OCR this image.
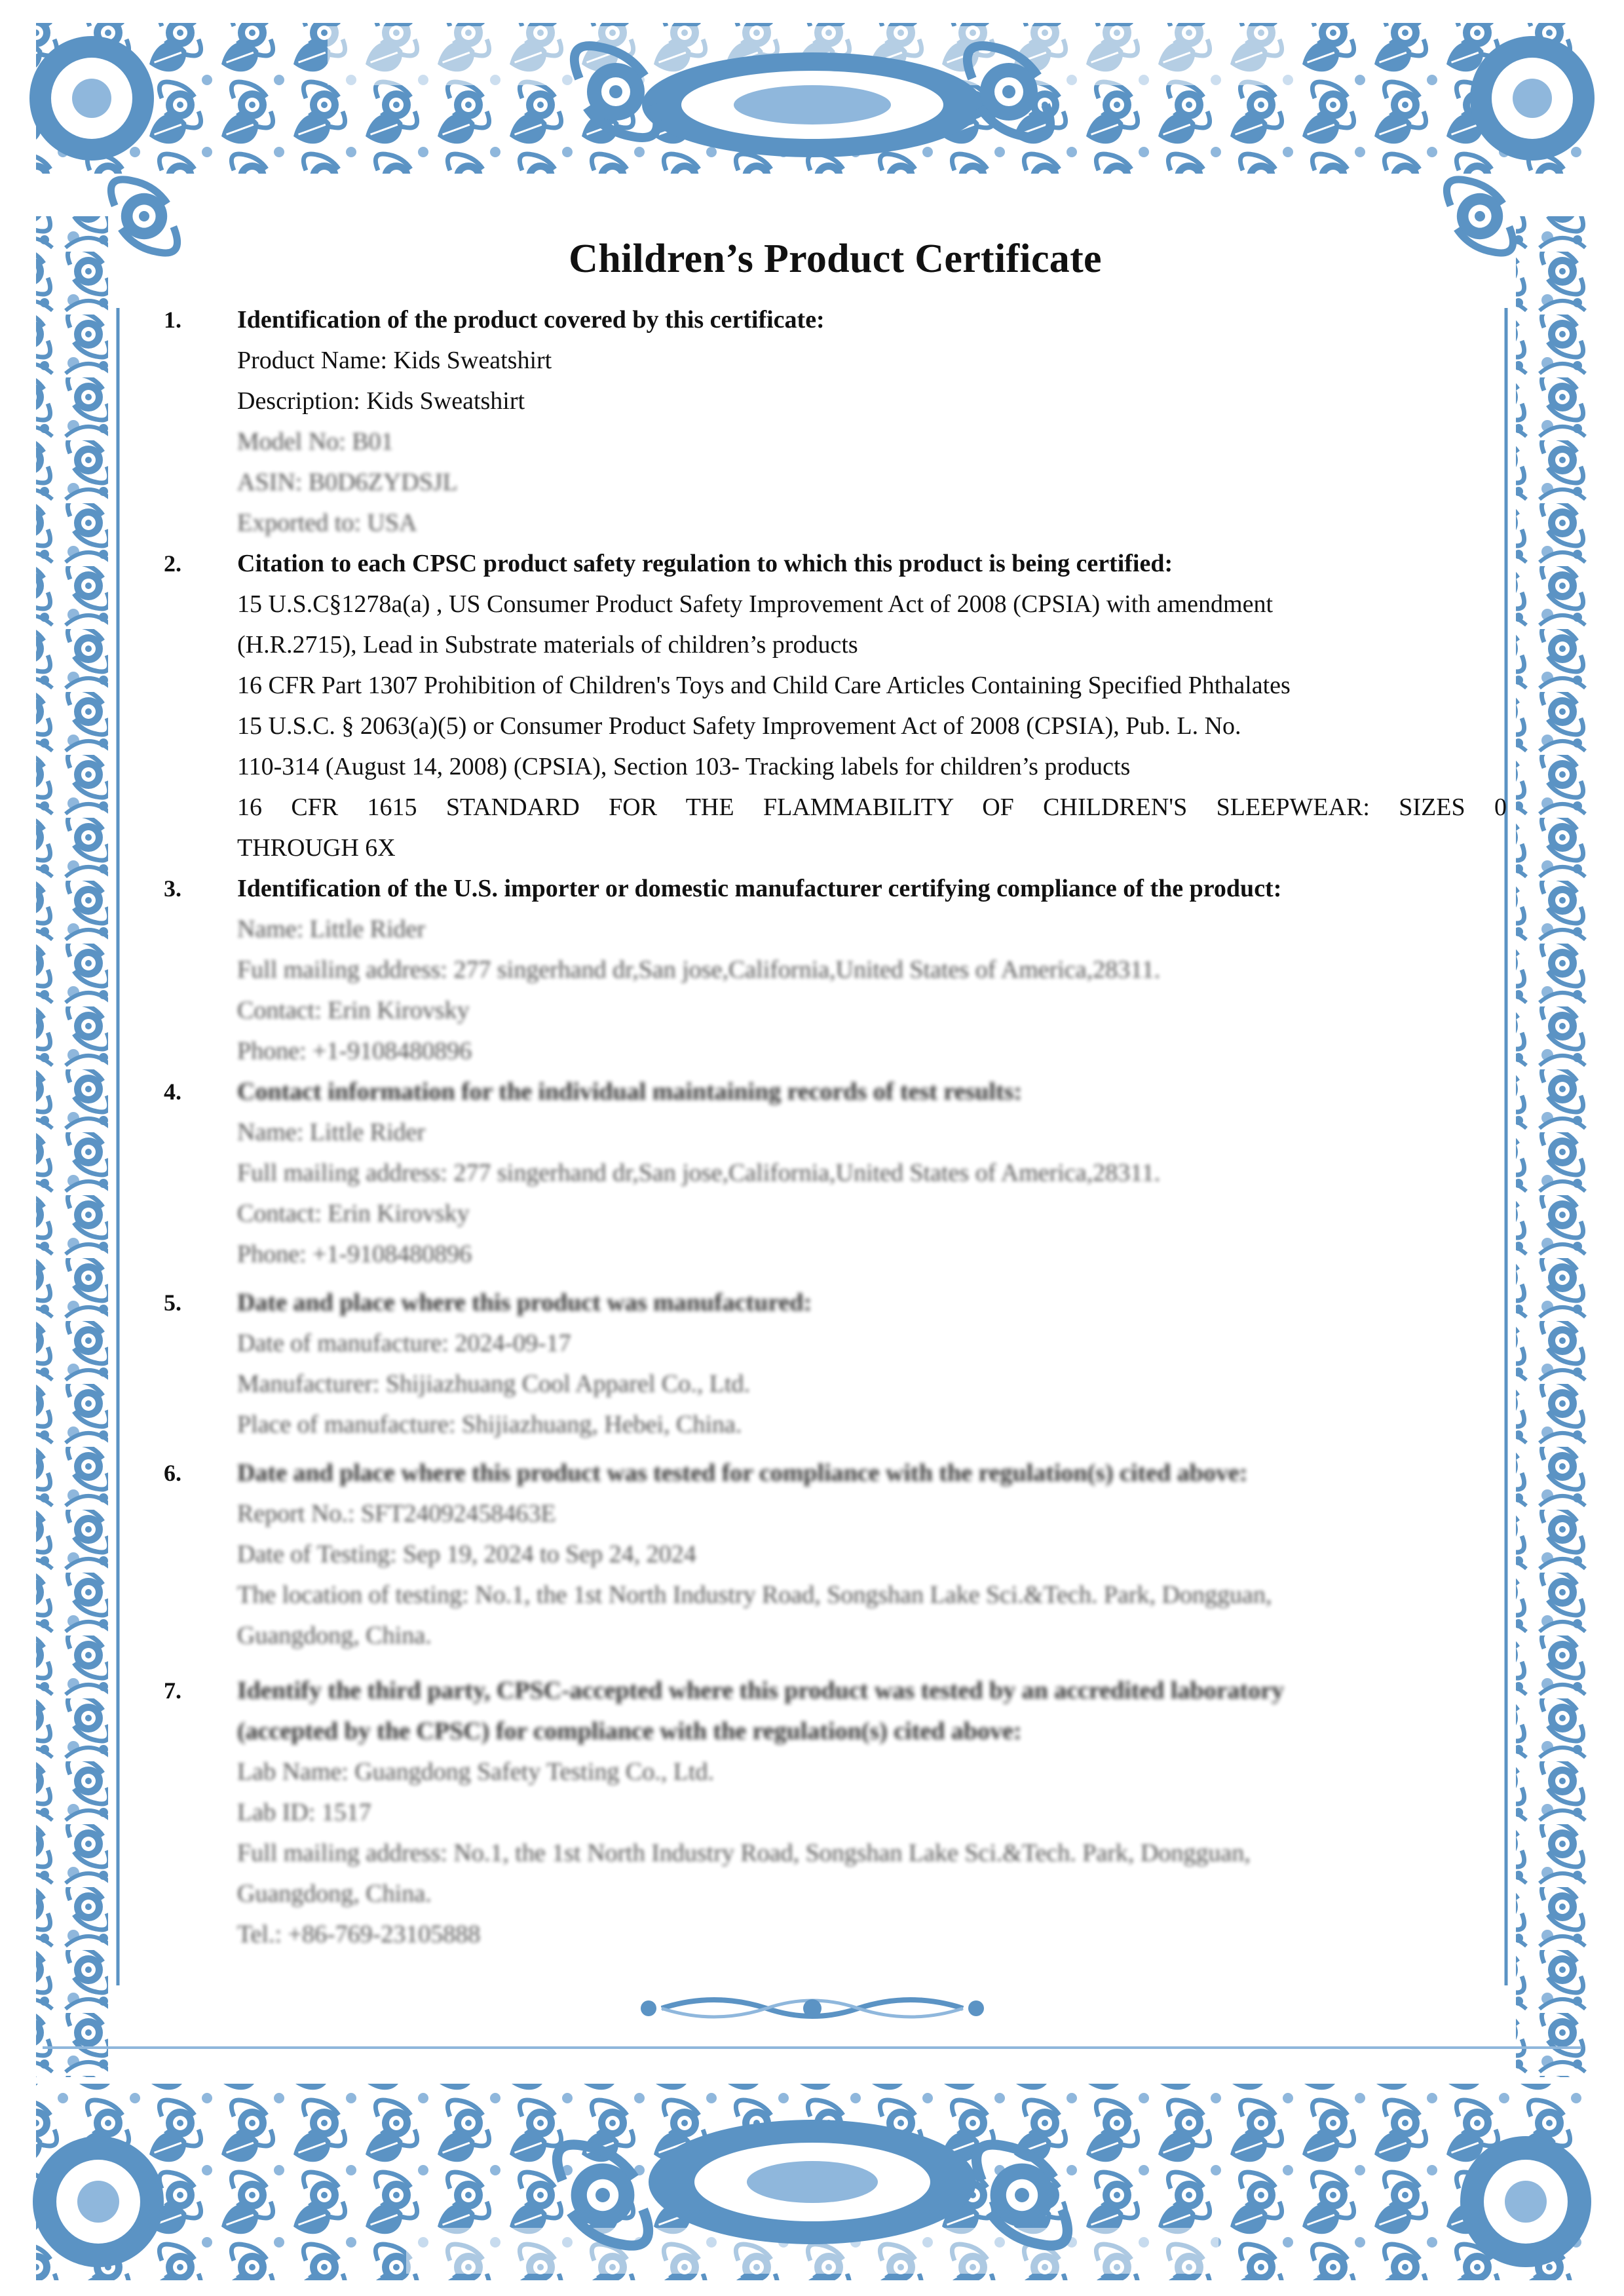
Children’s Product Certificate
1. Identification of the product covered by this certificate:

Product Name: Kids Sweatshirt

Description: Kids Sweatshirt

Model No: B01

ASIN: B0D6ZYDSJL

Exported to: USA

2. Citation to each CPSC product safety regulation to which this product is being certified:

15 U.S.C§1278a(a) , US Consumer Product Safety Improvement Act of 2008 (CPSIA) with amendment

(H.R.2715), Lead in Substrate materials of children’s products

16 CFR Part 1307 Prohibition of Children's Toys and Child Care Articles Containing Specified Phthalates

15 U.S.C. § 2063(a)(5) or Consumer Product Safety Improvement Act of 2008 (CPSIA), Pub. L. No.

110-314 (August 14, 2008) (CPSIA), Section 103- Tracking labels for children’s products

16 CFR 1615 STANDARD FOR THE FLAMMABILITY OF CHILDREN'S SLEEPWEAR: SIZES 0

THROUGH 6X

3. Identification of the U.S. importer or domestic manufacturer certifying compliance of the product:

Name: Little Rider

Full mailing address: 277 singerhand dr,San jose,California,United States of America,28311.

Contact: Erin Kirovsky

Phone: +1-9108480896

4. Contact information for the individual maintaining records of test results:

Name: Little Rider

Full mailing address: 277 singerhand dr,San jose,California,United States of America,28311.

Contact: Erin Kirovsky

Phone: +1-9108480896

5. Date and place where this product was manufactured:

Date of manufacture: 2024-09-17

Manufacturer: Shijiazhuang Cool Apparel Co., Ltd.

Place of manufacture: Shijiazhuang, Hebei, China.

6. Date and place where this product was tested for compliance with the regulation(s) cited above:

Report No.: SFT24092458463E

Date of Testing: Sep 19, 2024 to Sep 24, 2024

The location of testing: No.1, the 1st North Industry Road, Songshan Lake Sci.&Tech. Park, Dongguan,

Guangdong, China.

7. Identify the third party, CPSC-accepted where this product was tested by an accredited laboratory

(accepted by the CPSC) for compliance with the regulation(s) cited above:

Lab Name: Guangdong Safety Testing Co., Ltd.

Lab ID: 1517

Full mailing address: No.1, the 1st North Industry Road, Songshan Lake Sci.&Tech. Park, Dongguan,

Guangdong, China.

Tel.: +86-769-23105888
